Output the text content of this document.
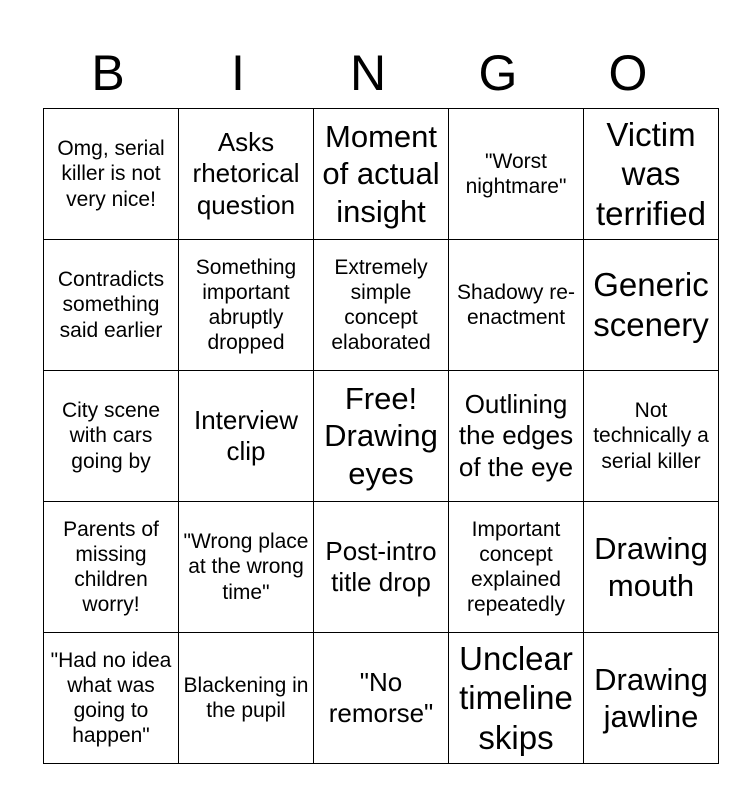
B	I	N	G	O
Omg, serial killer is not very nice!	Asks rhetorical question	Moment of actual insight	"Worst nightmare"	Victim was terrified
Contradicts something said earlier	Something important abruptly dropped	Extremely simple concept elaborated	Shadowy re-enactment	Generic scenery
City scene with cars going by	Interview clip	Free! Drawing eyes	Outlining the edges of the eye	Not technically a serial killer
Parents of missing children worry!	"Wrong place at the wrong time"	Post-intro title drop	Important concept explained repeatedly	Drawing mouth
"Had no idea what was going to happen"	Blackening in the pupil	"No remorse"	Unclear timeline skips	Drawing jawline
